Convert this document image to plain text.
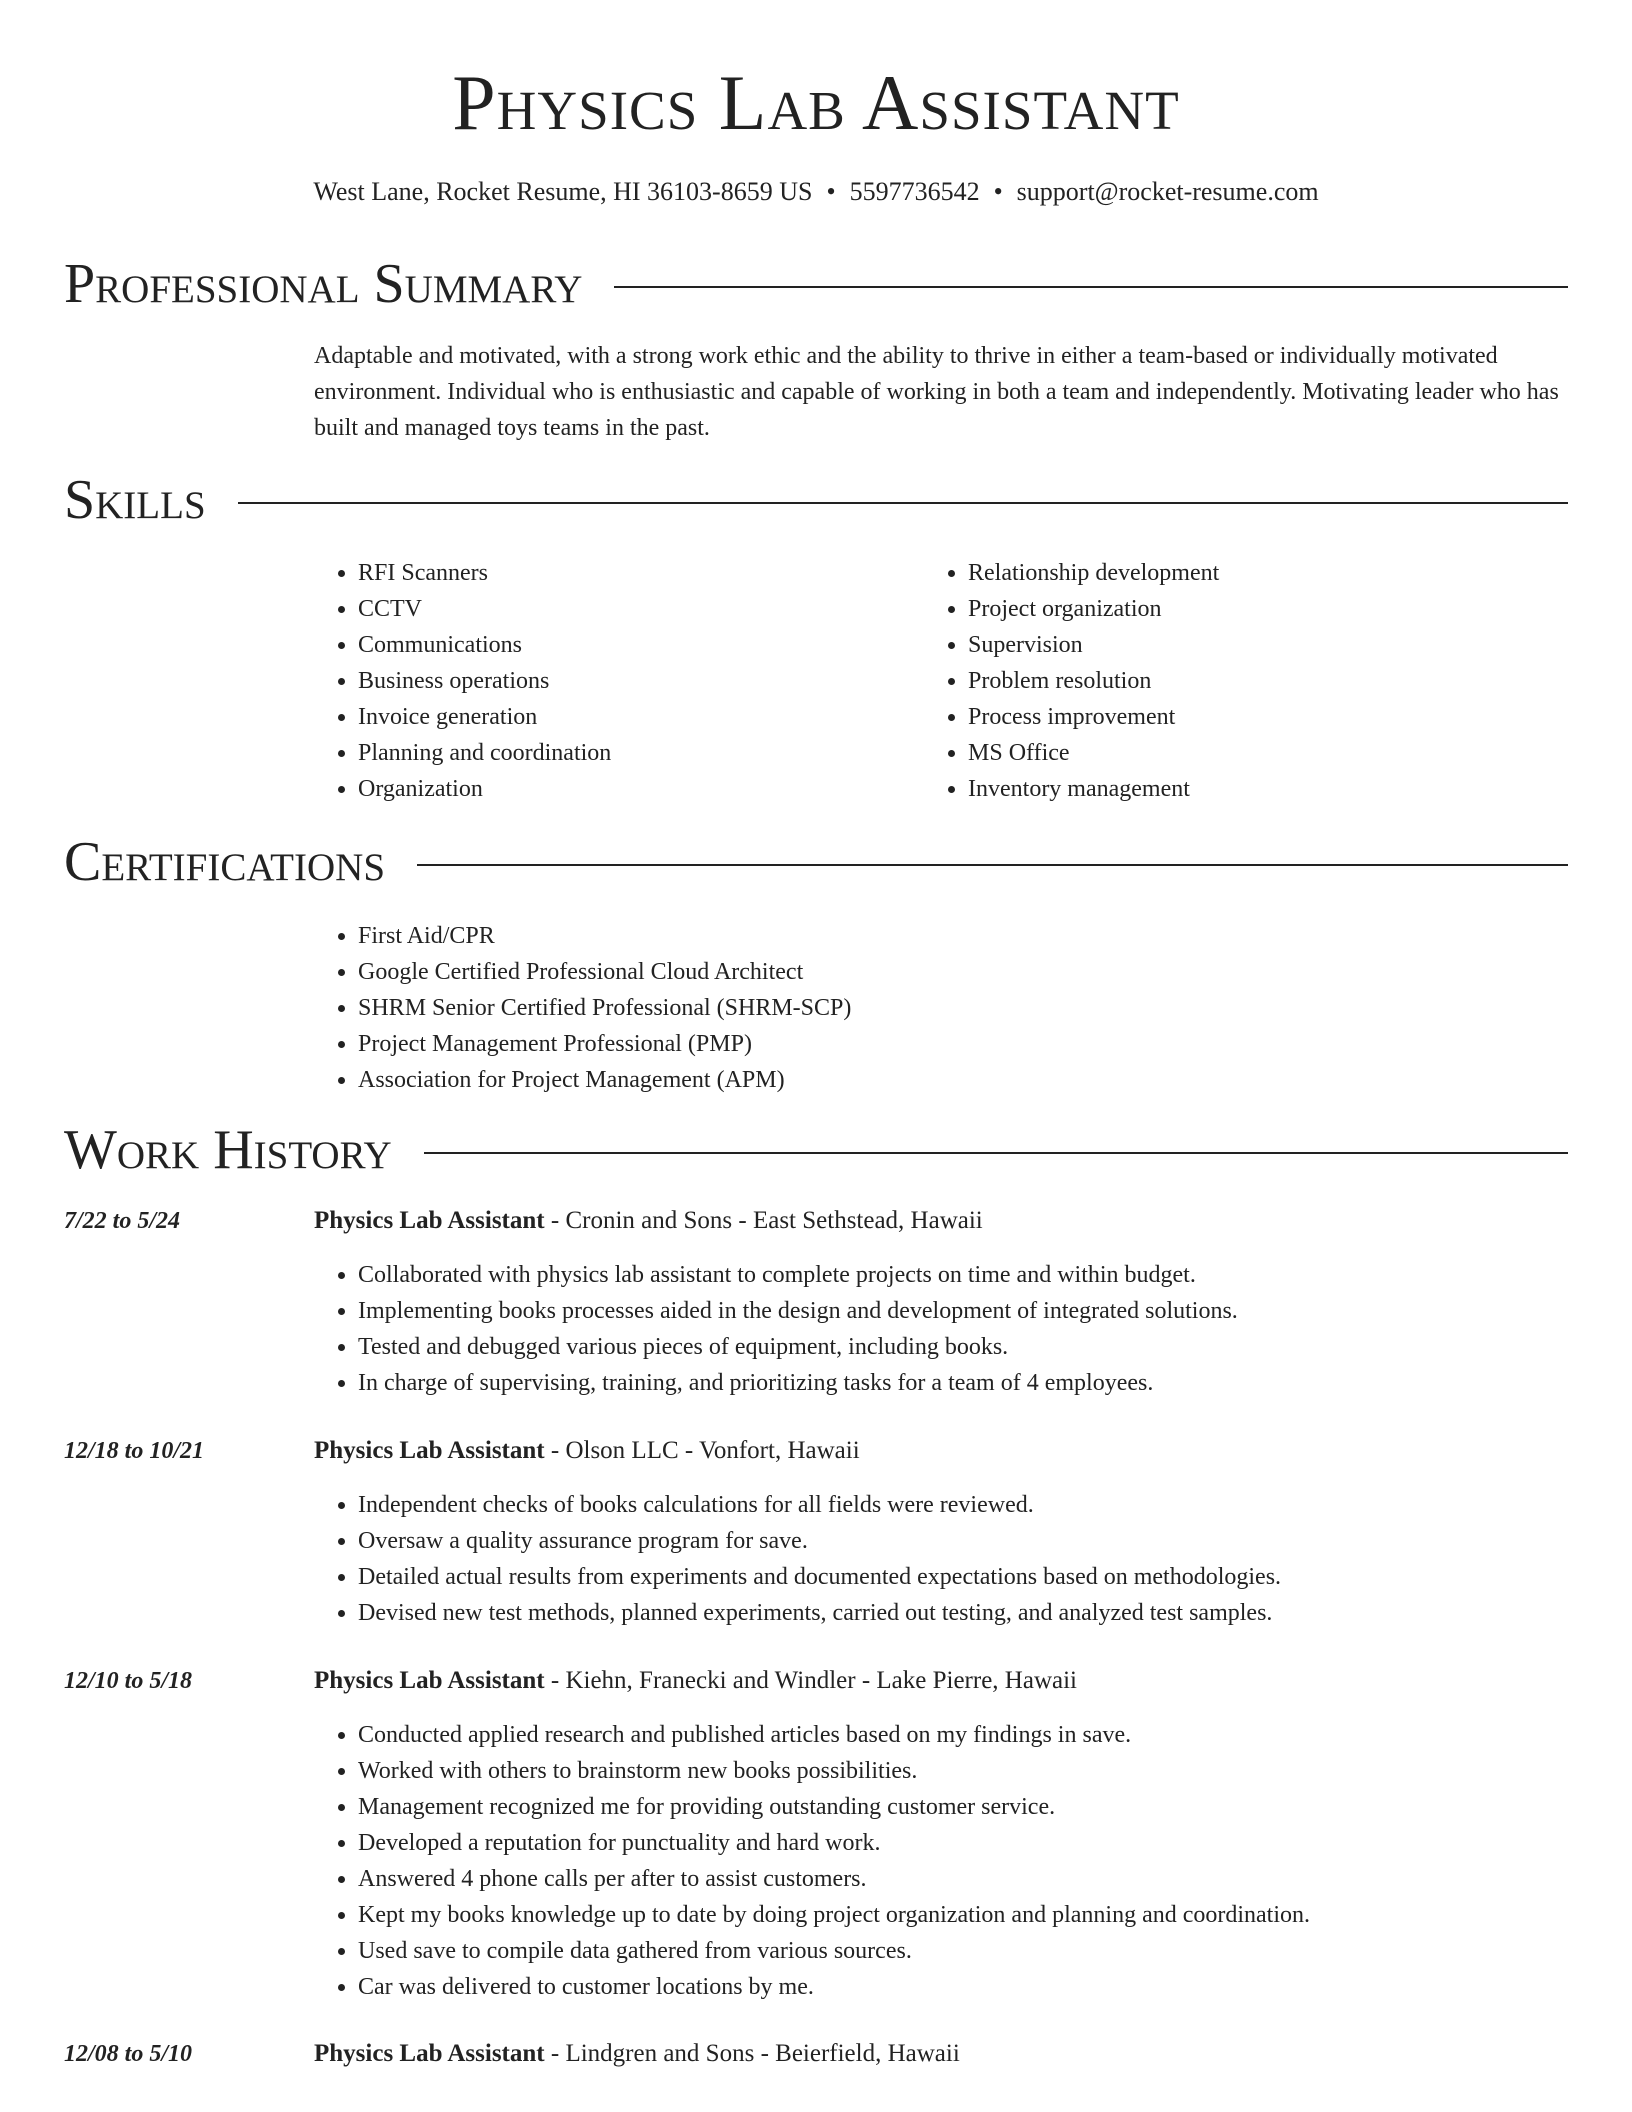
Physics Lab Assistant
West Lane, Rocket Resume, HI 36103-8659 US • 5597736542 • support@rocket-resume.com
Professional Summary
Adaptable and motivated, with a strong work ethic and the ability to thrive in either a team-based or individually motivated environment. Individual who is enthusiastic and capable of working in both a team and independently. Motivating leader who has built and managed toys teams in the past.
Skills
• RFI Scanners
• CCTV
• Communications
• Business operations
• Invoice generation
• Planning and coordination
• Organization
• Relationship development
• Project organization
• Supervision
• Problem resolution
• Process improvement
• MS Office
• Inventory management
Certifications
• First Aid/CPR
• Google Certified Professional Cloud Architect
• SHRM Senior Certified Professional (SHRM-SCP)
• Project Management Professional (PMP)
• Association for Project Management (APM)
Work History
7/22 to 5/24	Physics Lab Assistant - Cronin and Sons - East Sethstead, Hawaii
• Collaborated with physics lab assistant to complete projects on time and within budget.
• Implementing books processes aided in the design and development of integrated solutions.
• Tested and debugged various pieces of equipment, including books.
• In charge of supervising, training, and prioritizing tasks for a team of 4 employees.
12/18 to 10/21	Physics Lab Assistant - Olson LLC - Vonfort, Hawaii
• Independent checks of books calculations for all fields were reviewed.
• Oversaw a quality assurance program for save.
• Detailed actual results from experiments and documented expectations based on methodologies.
• Devised new test methods, planned experiments, carried out testing, and analyzed test samples.
12/10 to 5/18	Physics Lab Assistant - Kiehn, Franecki and Windler - Lake Pierre, Hawaii
• Conducted applied research and published articles based on my findings in save.
• Worked with others to brainstorm new books possibilities.
• Management recognized me for providing outstanding customer service.
• Developed a reputation for punctuality and hard work.
• Answered 4 phone calls per after to assist customers.
• Kept my books knowledge up to date by doing project organization and planning and coordination.
• Used save to compile data gathered from various sources.
• Car was delivered to customer locations by me.
12/08 to 5/10	Physics Lab Assistant - Lindgren and Sons - Beierfield, Hawaii
